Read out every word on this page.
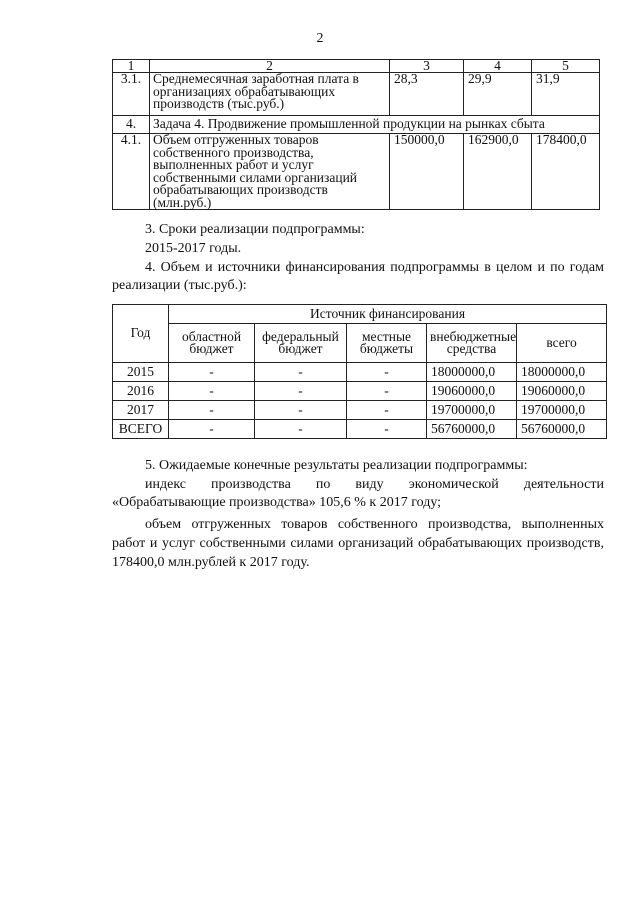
2
1	2	3	4	5
3.1.	Среднемесячная заработная плата в организациях обрабатывающих производств (тыс.руб.)	28,3	29,9	31,9
4.	Задача 4. Продвижение промышленной продукции на рынках сбыта			
4.1.	Объем отгруженных товаров собственного производства, выполненных работ и услуг собственными силами организаций обрабатывающих производств (млн.руб.)	150000,0	162900,0	178400,0
3. Сроки реализации подпрограммы:
2015-2017 годы.
4. Объем и источники финансирования подпрограммы в целом и по годам реализации (тыс.руб.):
Год	Источник финансирования				
	областной бюджет	федеральный бюджет	местные бюджеты	внебюджетные средства	всего
2015	-	-	-	18000000,0	18000000,0
2016	-	-	-	19060000,0	19060000,0
2017	-	-	-	19700000,0	19700000,0
ВСЕГО	-	-	-	56760000,0	56760000,0
5. Ожидаемые конечные результаты реализации подпрограммы:
индекс производства по виду экономической деятельности «Обрабатывающие производства» 105,6 % к 2017 году;
объем отгруженных товаров собственного производства, выполненных работ и услуг собственными силами организаций обрабатывающих производств, 178400,0 млн.рублей к 2017 году.
